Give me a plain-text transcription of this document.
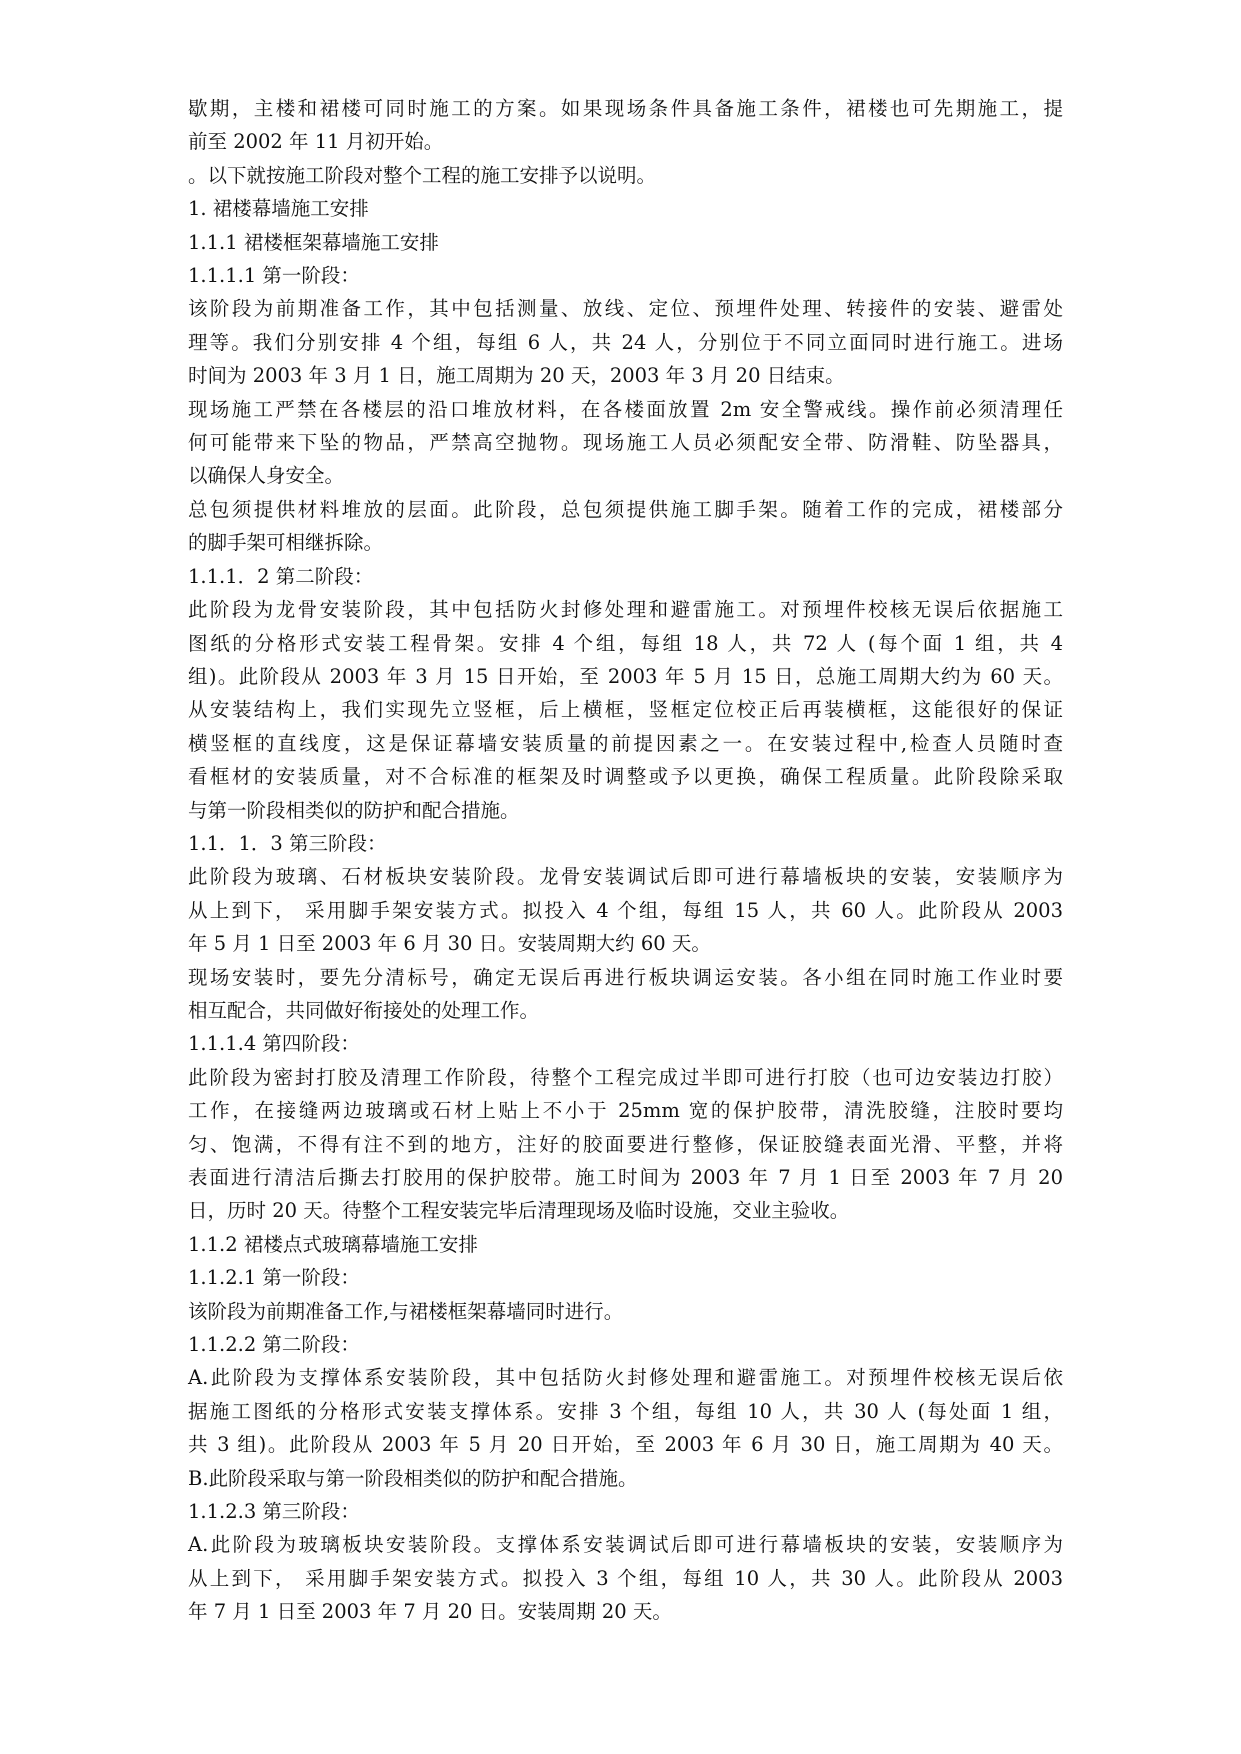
歇期，主楼和裙楼可同时施工的方案。如果现场条件具备施工条件，裙楼也可先期施工，提
前至 2002 年 11 月初开始。
。以下就按施工阶段对整个工程的施工安排予以说明。
1. 裙楼幕墙施工安排
1.1.1 裙楼框架幕墙施工安排
1.1.1.1 第一阶段：
该阶段为前期准备工作，其中包括测量、放线、定位、预埋件处理、转接件的安装、避雷处
理等。我们分别安排 4 个组，每组 6 人，共 24 人，分别位于不同立面同时进行施工。进场
时间为 2003 年 3 月 1 日，施工周期为 20 天，2003 年 3 月 20 日结束。
现场施工严禁在各楼层的沿口堆放材料，在各楼面放置 2m 安全警戒线。操作前必须清理任
何可能带来下坠的物品，严禁高空抛物。现场施工人员必须配安全带、防滑鞋、防坠器具，
以确保人身安全。
总包须提供材料堆放的层面。此阶段，总包须提供施工脚手架。随着工作的完成，裙楼部分
的脚手架可相继拆除。
1.1.1．2 第二阶段：
此阶段为龙骨安装阶段，其中包括防火封修处理和避雷施工。对预埋件校核无误后依据施工
图纸的分格形式安装工程骨架。安排 4 个组，每组 18 人，共 72 人 (每个面 1 组，共 4
组)。此阶段从 2003 年 3 月 15 日开始，至 2003 年 5 月 15 日，总施工周期大约为 60 天。
从安装结构上，我们实现先立竖框，后上横框，竖框定位校正后再装横框，这能很好的保证
横竖框的直线度，这是保证幕墙安装质量的前提因素之一。在安装过程中,检查人员随时查
看框材的安装质量，对不合标准的框架及时调整或予以更换，确保工程质量。此阶段除采取
与第一阶段相类似的防护和配合措施。
1.1．1．3 第三阶段：
此阶段为玻璃、石材板块安装阶段。龙骨安装调试后即可进行幕墙板块的安装，安装顺序为
从上到下， 采用脚手架安装方式。拟投入 4 个组，每组 15 人，共 60 人。此阶段从 2003
年 5 月 1 日至 2003 年 6 月 30 日。安装周期大约 60 天。
现场安装时，要先分清标号，确定无误后再进行板块调运安装。各小组在同时施工作业时要
相互配合，共同做好衔接处的处理工作。
1.1.1.4 第四阶段：
此阶段为密封打胶及清理工作阶段，待整个工程完成过半即可进行打胶（也可边安装边打胶）
工作，在接缝两边玻璃或石材上贴上不小于 25mm 宽的保护胶带，清洗胶缝，注胶时要均
匀、饱满，不得有注不到的地方，注好的胶面要进行整修，保证胶缝表面光滑、平整，并将
表面进行清洁后撕去打胶用的保护胶带。施工时间为 2003 年 7 月 1 日至 2003 年 7 月 20
日，历时 20 天。待整个工程安装完毕后清理现场及临时设施，交业主验收。
1.1.2 裙楼点式玻璃幕墙施工安排
1.1.2.1 第一阶段：
该阶段为前期准备工作,与裙楼框架幕墙同时进行。
1.1.2.2 第二阶段：
A.此阶段为支撑体系安装阶段，其中包括防火封修处理和避雷施工。对预埋件校核无误后依
据施工图纸的分格形式安装支撑体系。安排 3 个组，每组 10 人，共 30 人 (每处面 1 组，
共 3 组)。此阶段从 2003 年 5 月 20 日开始，至 2003 年 6 月 30 日，施工周期为 40 天。
B.此阶段采取与第一阶段相类似的防护和配合措施。
1.1.2.3 第三阶段：
A.此阶段为玻璃板块安装阶段。支撑体系安装调试后即可进行幕墙板块的安装，安装顺序为
从上到下， 采用脚手架安装方式。拟投入 3 个组，每组 10 人，共 30 人。此阶段从 2003
年 7 月 1 日至 2003 年 7 月 20 日。安装周期 20 天。
